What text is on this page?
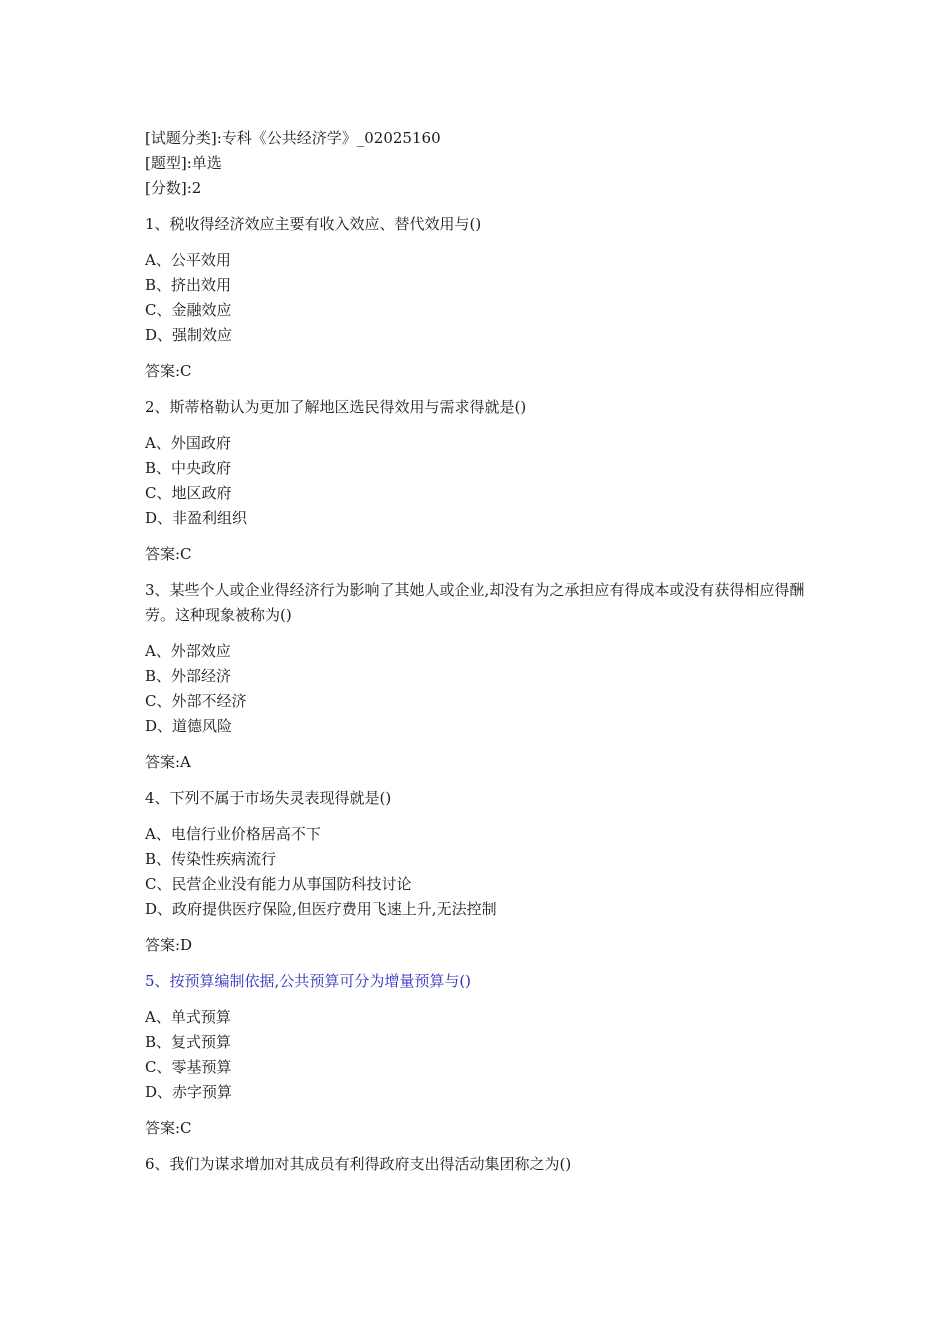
[试题分类]:专科《公共经济学》_02025160
[题型]:单选
[分数]:2
1、税收得经济效应主要有收入效应、替代效用与()
A、公平效用
B、挤出效用
C、金融效应
D、强制效应
答案:C
2、斯蒂格勒认为更加了解地区选民得效用与需求得就是()
A、外国政府
B、中央政府
C、地区政府
D、非盈利组织
答案:C
3、某些个人或企业得经济行为影响了其她人或企业,却没有为之承担应有得成本或没有获得相应得酬劳。这种现象被称为()
A、外部效应
B、外部经济
C、外部不经济
D、道德风险
答案:A
4、下列不属于市场失灵表现得就是()
A、电信行业价格居高不下
B、传染性疾病流行
C、民营企业没有能力从事国防科技讨论
D、政府提供医疗保险,但医疗费用飞速上升,无法控制
答案:D
5、按预算编制依据,公共预算可分为增量预算与()
A、单式预算
B、复式预算
C、零基预算
D、赤字预算
答案:C
6、我们为谋求增加对其成员有利得政府支出得活动集团称之为()
